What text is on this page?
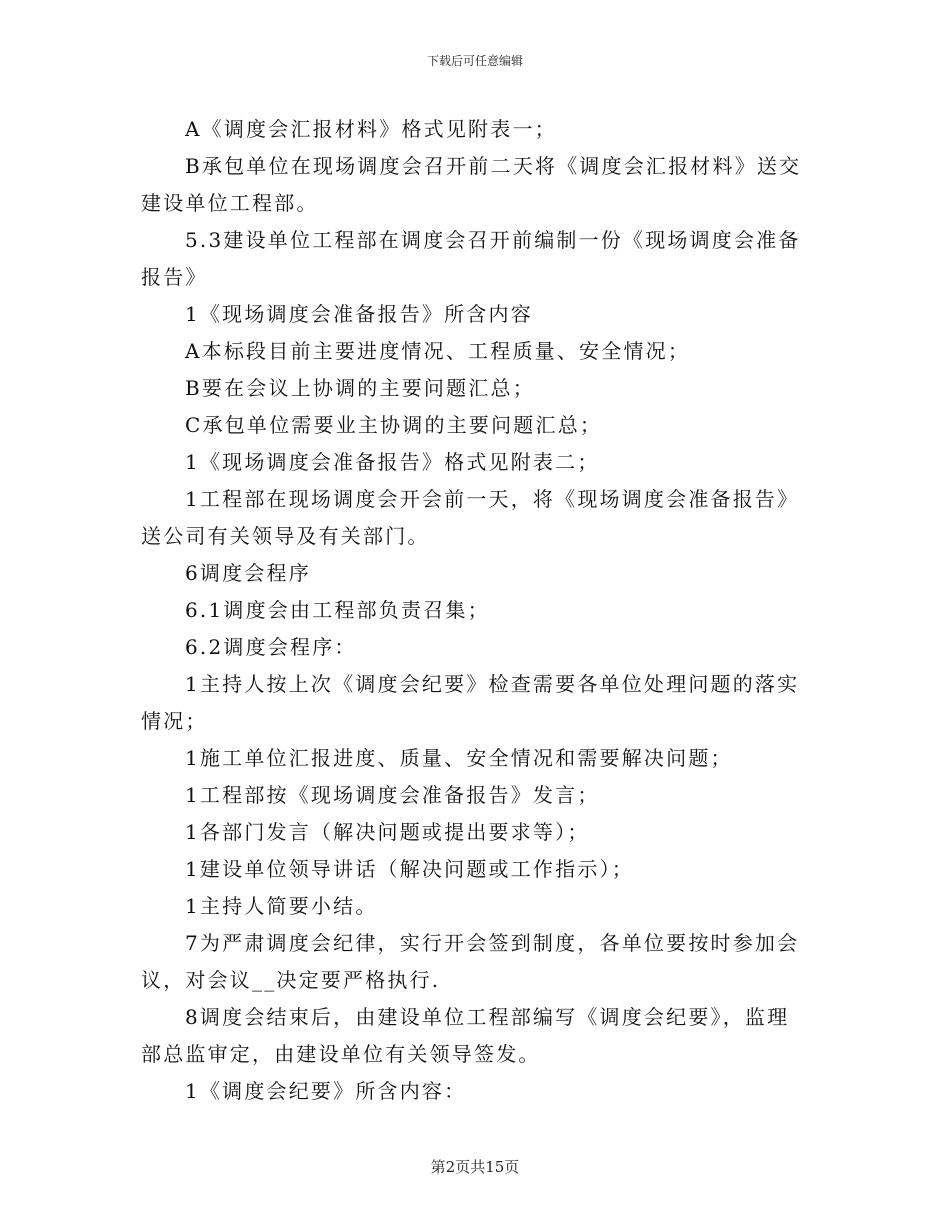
下载后可任意编辑

A《调度会汇报材料》格式见附表一；

B承包单位在现场调度会召开前二天将《调度会汇报材料》送交建设单位工程部。

5.3建设单位工程部在调度会召开前编制一份《现场调度会准备报告》

1《现场调度会准备报告》所含内容

A本标段目前主要进度情况、工程质量、安全情况；

B要在会议上协调的主要问题汇总；

C承包单位需要业主协调的主要问题汇总；

1《现场调度会准备报告》格式见附表二；

1工程部在现场调度会开会前一天，将《现场调度会准备报告》送公司有关领导及有关部门。

6调度会程序

6.1调度会由工程部负责召集；

6.2调度会程序：

1主持人按上次《调度会纪要》检查需要各单位处理问题的落实情况；

1施工单位汇报进度、质量、安全情况和需要解决问题；

1工程部按《现场调度会准备报告》发言；

1各部门发言（解决问题或提出要求等）；

1建设单位领导讲话（解决问题或工作指示）；

1主持人简要小结。

7为严肃调度会纪律，实行开会签到制度，各单位要按时参加会议，对会议__决定要严格执行.

8调度会结束后，由建设单位工程部编写《调度会纪要》，监理部总监审定，由建设单位有关领导签发。

1《调度会纪要》所含内容：

第2页共15页
